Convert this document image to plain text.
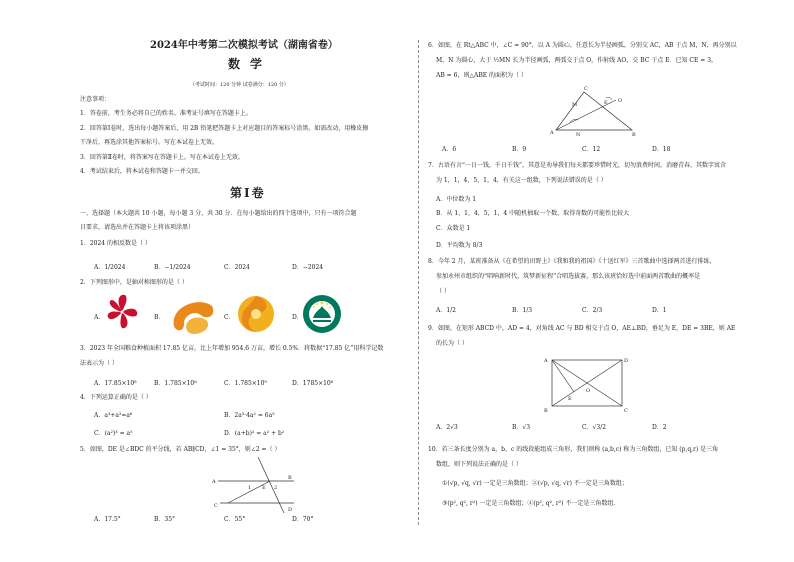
2024年中考第二次模拟考试（湖南省卷）
数学
（考试时间：120 分钟 试卷满分：120 分）
注意事项：
1．答卷前，考生务必将自己的姓名、准考证号填写在答题卡上。
2．回答第Ⅰ卷时，选出每小题答案后，用 2B 铅笔把答题卡上对应题目的答案标号涂黑。如需改动，用橡皮擦
干净后，再选涂其他答案标号。写在本试卷上无效。
3．回答第Ⅱ卷时，将答案写在答题卡上。写在本试卷上无效。
4．考试结束后，将本试卷和答题卡一并交回。
第Ⅰ卷
一、选择题（本大题共 10 小题，每小题 3 分，共 30 分．在每小题给出的四个选项中，只有一项符合题
目要求，请选出并在答题卡上将该项涂黑）
1．2024 的相反数是（ ）
A．1/2024	B．−1/2024	C．2024	D．−2024
2．下列图形中，是轴对称图形的是（ ）
A．	B．	C．	D．
3．2023 年全国粮食种植面积 17.85 亿亩，比上年增加 954.6 万亩，增长 0.5%．将数据“17.85 亿”用科学记数
法表示为（ ）
A．17.85×10⁸	B．1.785×10⁸	C．1.785×10⁹	D．1785×10⁶
4．下列运算正确的是（ ）
A．a³+a³=a⁶	B．2a³·4a² = 6a⁵
C．(a²)³ = a⁵	D．(a+b)² = a² + b²
5．如图，DE 是∠BDC 的平分线，若 AB∥CD，∠1 = 35°，则∠2 =（ ）
A
B
C
D
E
1	2
A．17.5°	B．35°	C．55°	D．70°
6．如图，在 Rt△ABC 中，∠C = 90°，以 A 为圆心，任意长为半径画弧，分别交 AC，AB 于点 M，N，再分别以
M，N 为圆心，大于 ½MN 长为半径画弧，两弧交于点 O，作射线 AO，交 BC 于点 E．已知 CE = 3，
AB = 6，则△ABE 的面积为（ ）
A	B
C
M
N
E O
A．6	B．9	C．12	D．18
7．古语有言“一日一钱，千日千钱”，其意是劝导我们每天都要珍惜时光，切勿浪费时间，消磨青春，其数字寓含
为 1，1，4，5，1，4，有关这一组数，下列说法错误的是（ ）
A．中位数为 1
B．从 1，1，4，5，1，4 中随机抽取一个数，取得奇数的可能性比较大
C．众数是 1
D．平均数为 8/3
8．今年 2 月，某班准备从《在希望的田野上》《我和我的祖国》《十送红军》三首歌曲中选择两首进行排练，
参加永州市组织的“唱响新时代，筑梦新征程”合唱选拔赛，那么该班恰好选中前面两首歌曲的概率是
（ ）
A．1/2	B．1/3	C．2/3	D．1
9．如图，在矩形 ABCD 中，AD = 4，对角线 AC 与 BD 相交于点 O，AE⊥BD，垂足为 E，DE = 3BE，则 AE
的长为（ ）
A
B	C
D
E
O
A．2√3	B．√3	C．√3/2	D．2
10．若三条长度分别为 a，b，c 的线段能组成三角形，我们则称 (a,b,c) 称为三角数组，已知 (p,q,r) 是三角
数组，则下列说法正确的是（ ）
①(√p, √q, √r) 一定是三角数组；②(√p, √q, √r) 不一定是三角数组；
③(p², q², r²) 一定是三角数组；④(p², q², r²) 不一定是三角数组.
